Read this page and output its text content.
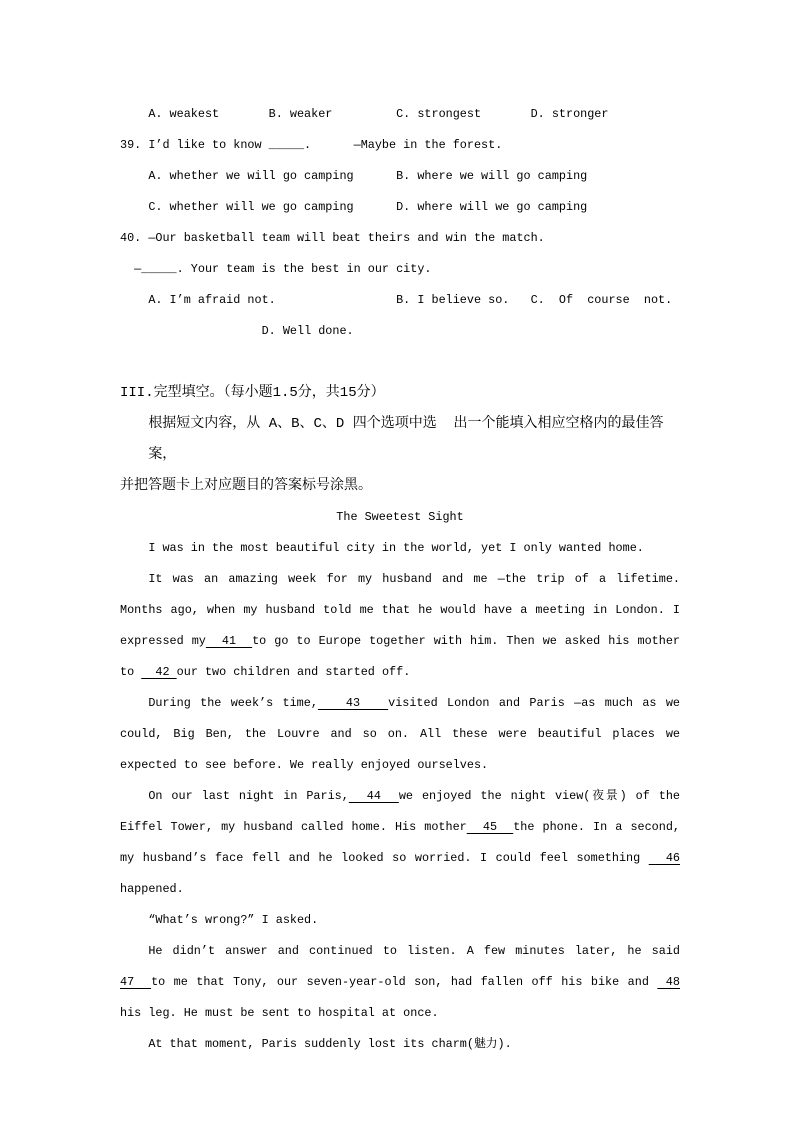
A. weakest       B. weaker         C. strongest       D. stronger
39. I’d like to know _____.      —Maybe in the forest.
A. whether we will go camping      B. where we will go camping
C. whether will we go camping      D. where will we go camping
40. —Our basketball team will beat theirs and win the match.
—_____. Your team is the best in our city.
A. I’m afraid not.                 B. I believe so.   C.  Of  course  not.
D. Well done.

III.完型填空。（每小题1.5分，共15分）
根据短文内容，从 A、B、C、D 四个选项中选  出一个能填入相应空格内的最佳答案，
并把答题卡上对应题目的答案标号涂黑。
The Sweetest Sight
I was in the most beautiful city in the world, yet I only wanted home.
It was an amazing week for my husband and me —the trip of a lifetime.
Months ago, when my husband told me that he would have a meeting in London. I
expressed my  41  to go to Europe together with him. Then we asked his mother
to   42 our two children and started off.
During the week’s time,   43   visited London and Paris —as much as we
could, Big Ben, the Louvre and so on. All these were beautiful places we
expected to see before. We really enjoyed ourselves.
On our last night in Paris,  44  we enjoyed the night view(夜景) of the
Eiffel Tower, my husband called home. His mother  45  the phone. In a second,
my husband’s face fell and he looked so worried. I could feel something   46
happened.
“What’s wrong?” I asked.
He didn’t answer and continued to listen. A few minutes later, he said
47  to me that Tony, our seven-year-old son, had fallen off his bike and  48
his leg. He must be sent to hospital at once.
At that moment, Paris suddenly lost its charm(魅力).
